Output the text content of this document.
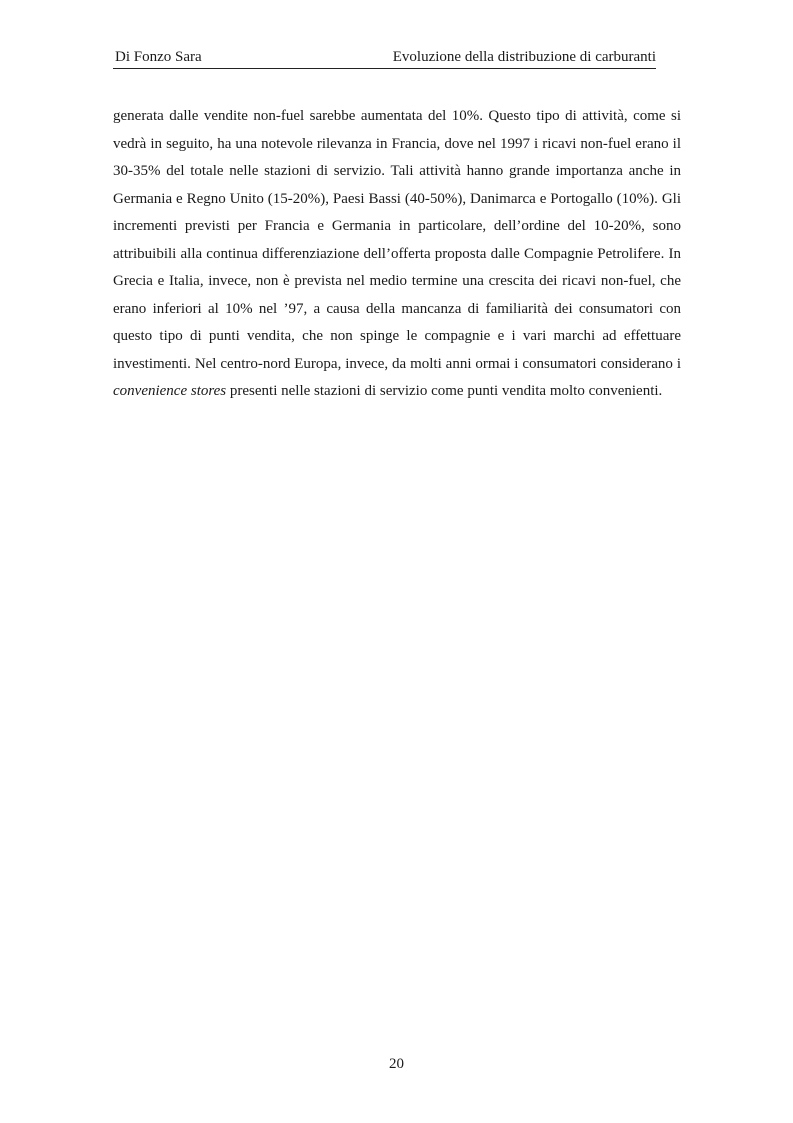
Di Fonzo Sara	Evoluzione della distribuzione di carburanti

generata dalle vendite non-fuel sarebbe aumentata del 10%. Questo tipo di attività, come si vedrà in seguito, ha una notevole rilevanza in Francia, dove nel 1997 i ricavi non-fuel erano il 30-35% del totale nelle stazioni di servizio. Tali attività hanno grande importanza anche in Germania e Regno Unito (15-20%), Paesi Bassi (40-50%), Danimarca e Portogallo (10%). Gli incrementi previsti per Francia e Germania in particolare, dell’ordine del 10-20%, sono attribuibili alla continua differenziazione dell’offerta proposta dalle Compagnie Petrolifere. In Grecia e Italia, invece, non è prevista nel medio termine una crescita dei ricavi non-fuel, che erano inferiori al 10% nel ’97, a causa della mancanza di familiarità dei consumatori con questo tipo di punti vendita, che non spinge le compagnie e i vari marchi ad effettuare investimenti. Nel centro-nord Europa, invece, da molti anni ormai i consumatori considerano i convenience stores presenti nelle stazioni di servizio come punti vendita molto convenienti.

20
